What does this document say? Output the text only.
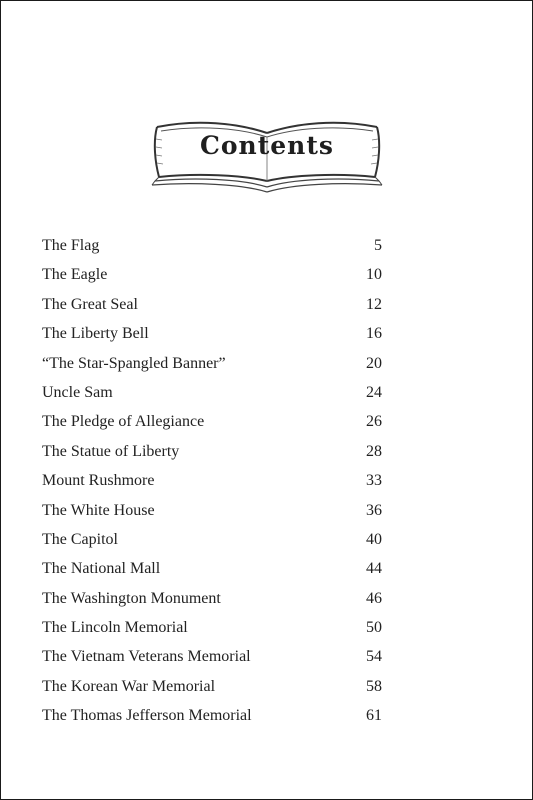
Contents
The Flag	5
The Eagle	10
The Great Seal	12
The Liberty Bell	16
“The Star-Spangled Banner”	20
Uncle Sam	24
The Pledge of Allegiance	26
The Statue of Liberty	28
Mount Rushmore	33
The White House	36
The Capitol	40
The National Mall	44
The Washington Monument	46
The Lincoln Memorial	50
The Vietnam Veterans Memorial	54
The Korean War Memorial	58
The Thomas Jefferson Memorial	61
